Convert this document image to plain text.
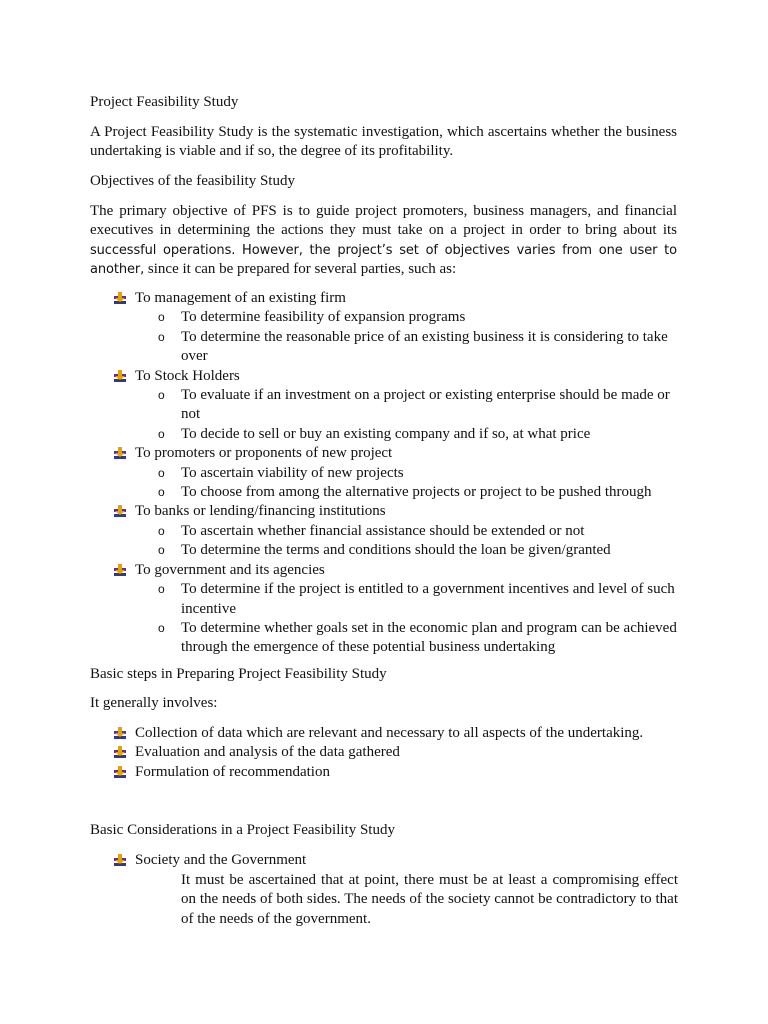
Project Feasibility Study

A Project Feasibility Study is the systematic investigation, which ascertains whether the business undertaking is viable and if so, the degree of its profitability.

Objectives of the feasibility Study

The primary objective of PFS is to guide project promoters, business managers, and financial executives in determining the actions they must take on a project in order to bring about its successful operations. However, the project’s set of objectives varies from one user to another, since it can be prepared for several parties, such as:
To management of an existing firm
o To determine feasibility of expansion programs
o To determine the reasonable price of an existing business it is considering to take over
To Stock Holders
o To evaluate if an investment on a project or existing enterprise should be made or not
o To decide to sell or buy an existing company and if so, at what price
To promoters or proponents of new project
o To ascertain viability of new projects
o To choose from among the alternative projects or project to be pushed through
To banks or lending/financing institutions
o To ascertain whether financial assistance should be extended or not
o To determine the terms and conditions should the loan be given/granted
To government and its agencies
o To determine if the project is entitled to a government incentives and level of such incentive
o To determine whether goals set in the economic plan and program can be achieved through the emergence of these potential business undertaking

Basic steps in Preparing Project Feasibility Study

It generally involves:

Collection of data which are relevant and necessary to all aspects of the undertaking.
Evaluation and analysis of the data gathered
Formulation of recommendation

Basic Considerations in a Project Feasibility Study

Society and the Government

It must be ascertained that at point, there must be at least a compromising effect on the needs of both sides. The needs of the society cannot be contradictory to that of the needs of the government.
